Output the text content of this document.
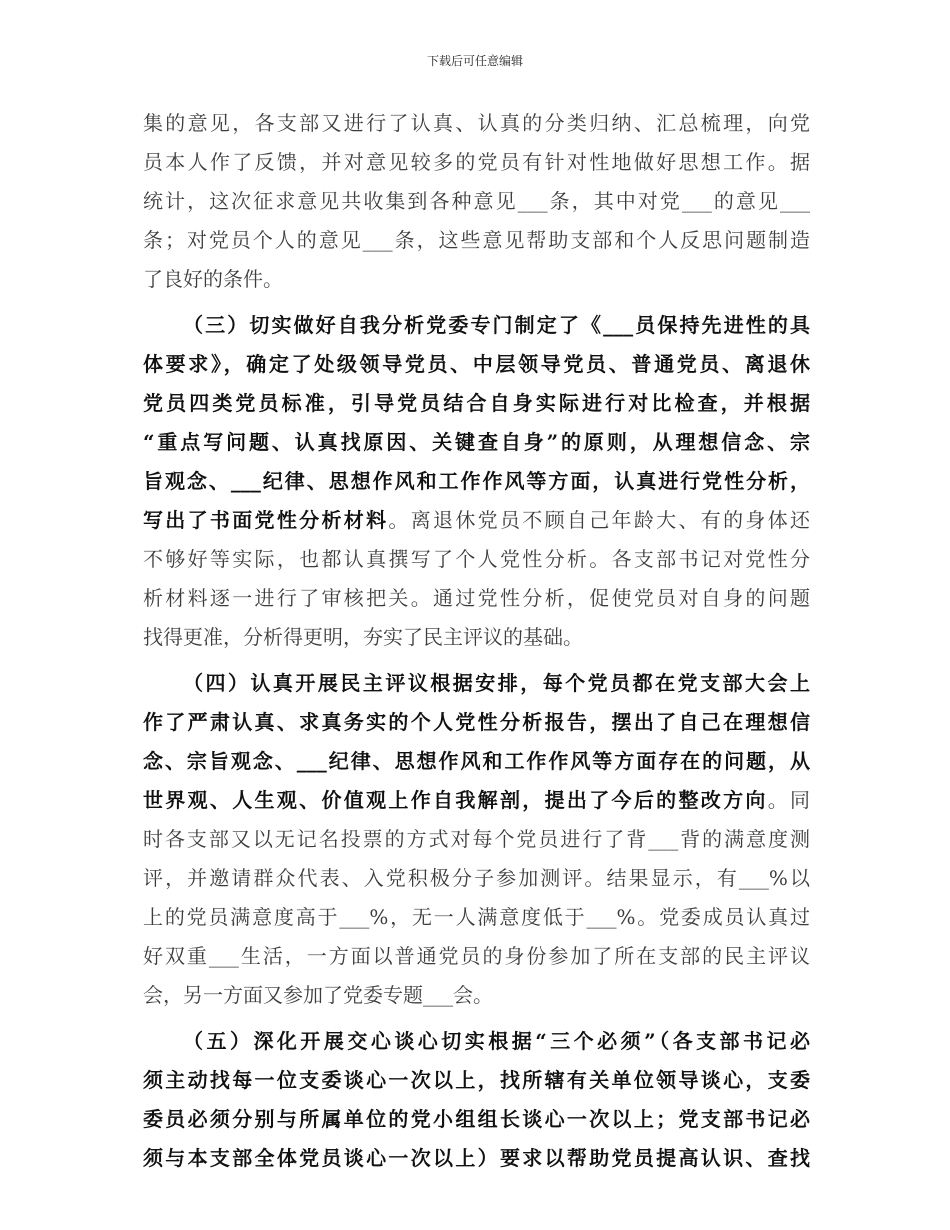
下载后可任意编辑
集的意见，各支部又进行了认真、认真的分类归纳、汇总梳理，向党
员本人作了反馈，并对意见较多的党员有针对性地做好思想工作。据
统计，这次征求意见共收集到各种意见___条，其中对党___的意见___
条；对党员个人的意见___条，这些意见帮助支部和个人反思问题制造
了良好的条件。
（三）切实做好自我分析党委专门制定了《___员保持先进性的具
体要求》，确定了处级领导党员、中层领导党员、普通党员、离退休
党员四类党员标准，引导党员结合自身实际进行对比检查，并根据
“重点写问题、认真找原因、关键查自身”的原则，从理想信念、宗
旨观念、___纪律、思想作风和工作作风等方面，认真进行党性分析，
写出了书面党性分析材料。离退休党员不顾自己年龄大、有的身体还
不够好等实际，也都认真撰写了个人党性分析。各支部书记对党性分
析材料逐一进行了审核把关。通过党性分析，促使党员对自身的问题
找得更准，分析得更明，夯实了民主评议的基础。
（四）认真开展民主评议根据安排，每个党员都在党支部大会上
作了严肃认真、求真务实的个人党性分析报告，摆出了自己在理想信
念、宗旨观念、___纪律、思想作风和工作作风等方面存在的问题，从
世界观、人生观、价值观上作自我解剖，提出了今后的整改方向。同
时各支部又以无记名投票的方式对每个党员进行了背___背的满意度测
评，并邀请群众代表、入党积极分子参加测评。结果显示，有___%以
上的党员满意度高于___%，无一人满意度低于___%。党委成员认真过
好双重___生活，一方面以普通党员的身份参加了所在支部的民主评议
会，另一方面又参加了党委专题___会。
（五）深化开展交心谈心切实根据“三个必须”（各支部书记必
须主动找每一位支委谈心一次以上，找所辖有关单位领导谈心，支委
委员必须分别与所属单位的党小组组长谈心一次以上；党支部书记必
须与本支部全体党员谈心一次以上）要求以帮助党员提高认识、查找
